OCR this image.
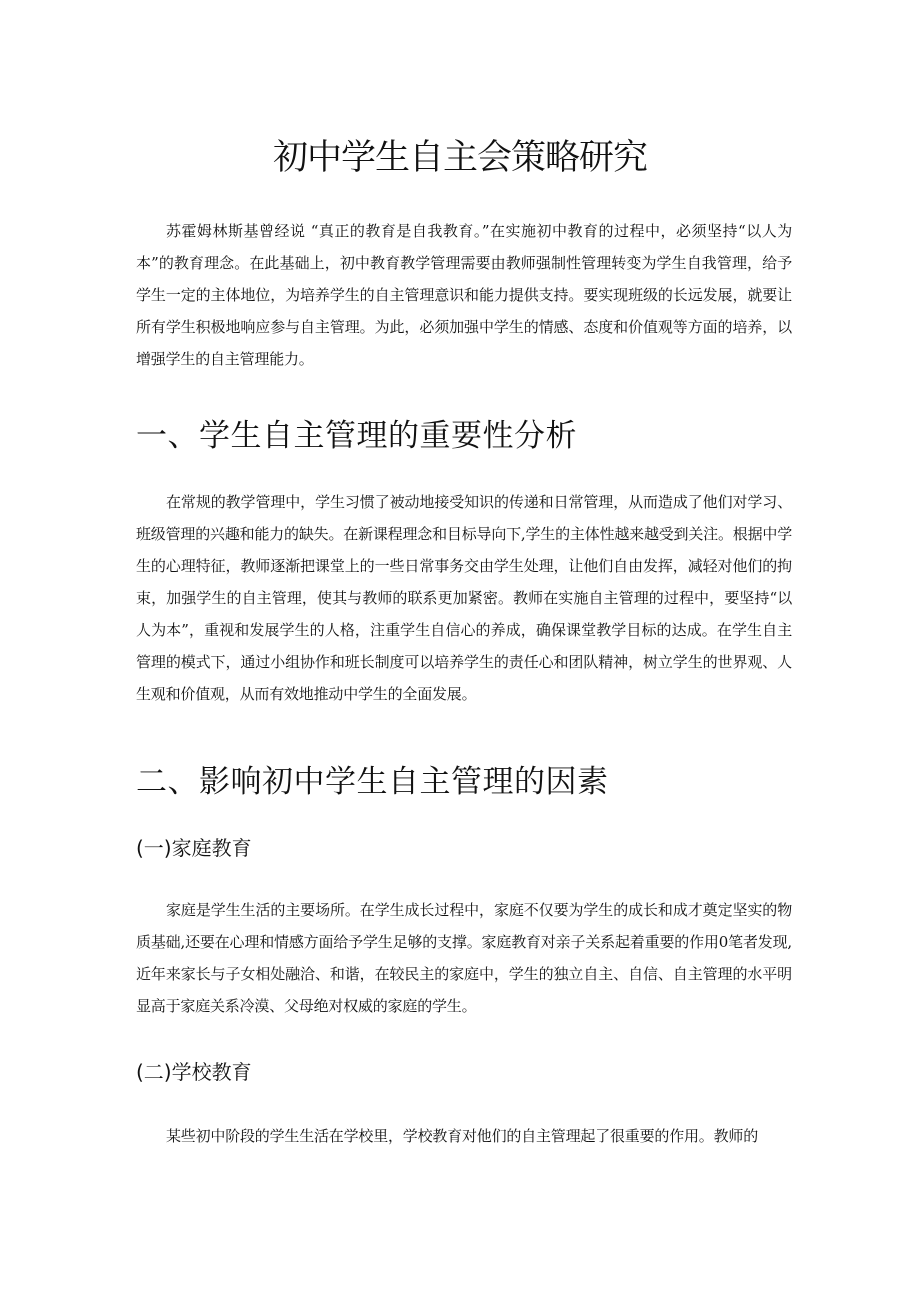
初中学生自主会策略研究

苏霍姆林斯基曾经说 “真正的教育是自我教育。”在实施初中教育的过程中，必须坚持“以人为本”的教育理念。在此基础上，初中教育教学管理需要由教师强制性管理转变为学生自我管理，给予学生一定的主体地位，为培养学生的自主管理意识和能力提供支持。要实现班级的长远发展，就要让所有学生积极地响应参与自主管理。为此，必须加强中学生的情感、态度和价值观等方面的培养，以增强学生的自主管理能力。

一、学生自主管理的重要性分析

在常规的教学管理中，学生习惯了被动地接受知识的传递和日常管理，从而造成了他们对学习、班级管理的兴趣和能力的缺失。在新课程理念和目标导向下,学生的主体性越来越受到关注。根据中学生的心理特征，教师逐渐把课堂上的一些日常事务交由学生处理，让他们自由发挥，减轻对他们的拘束，加强学生的自主管理，使其与教师的联系更加紧密。教师在实施自主管理的过程中，要坚持“以人为本”，重视和发展学生的人格，注重学生自信心的养成，确保课堂教学目标的达成。在学生自主管理的模式下，通过小组协作和班长制度可以培养学生的责任心和团队精神，树立学生的世界观、人生观和价值观，从而有效地推动中学生的全面发展。

二、影响初中学生自主管理的因素
(一)家庭教育

家庭是学生生活的主要场所。在学生成长过程中，家庭不仅要为学生的成长和成才奠定坚实的物质基础,还要在心理和情感方面给予学生足够的支撑。家庭教育对亲子关系起着重要的作用0笔者发现,近年来家长与子女相处融洽、和谐，在较民主的家庭中，学生的独立自主、自信、自主管理的水平明显高于家庭关系冷漠、父母绝对权威的家庭的学生。

(二)学校教育

某些初中阶段的学生生活在学校里，学校教育对他们的自主管理起了很重要的作用。教师的
